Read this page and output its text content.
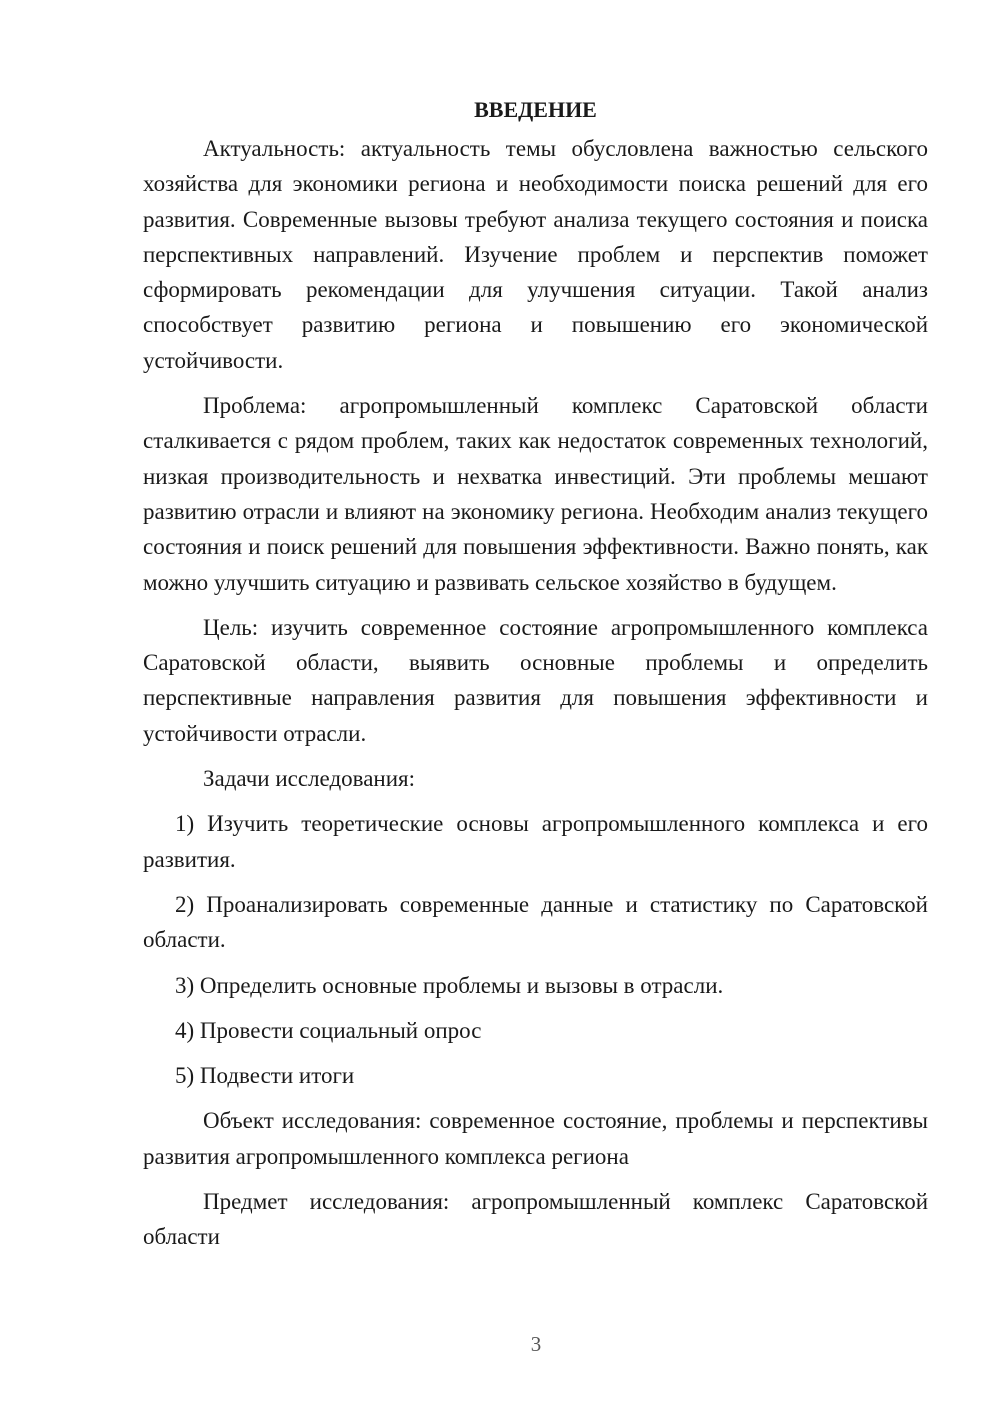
ВВЕДЕНИЕ

Актуальность: актуальность темы обусловлена важностью сельского хозяйства для экономики региона и необходимости поиска решений для его развития. Современные вызовы требуют анализа текущего состояния и поиска перспективных направлений. Изучение проблем и перспектив поможет сформировать рекомендации для улучшения ситуации. Такой анализ способствует развитию региона и повышению его экономической устойчивости.

Проблема: агропромышленный комплекс Саратовской области сталкивается с рядом проблем, таких как недостаток современных технологий, низкая производительность и нехватка инвестиций. Эти проблемы мешают развитию отрасли и влияют на экономику региона. Необходим анализ текущего состояния и поиск решений для повышения эффективности. Важно понять, как можно улучшить ситуацию и развивать сельское хозяйство в будущем.

Цель: изучить современное состояние агропромышленного комплекса Саратовской области, выявить основные проблемы и определить перспективные направления развития для повышения эффективности и устойчивости отрасли.

Задачи исследования:

1) Изучить теоретические основы агропромышленного комплекса и его развития.

2) Проанализировать современные данные и статистику по Саратовской области.

3) Определить основные проблемы и вызовы в отрасли.

4) Провести социальный опрос

5) Подвести итоги

Объект исследования: современное состояние, проблемы и перспективы развития агропромышленного комплекса региона

Предмет исследования: агропромышленный комплекс Саратовской области

3
